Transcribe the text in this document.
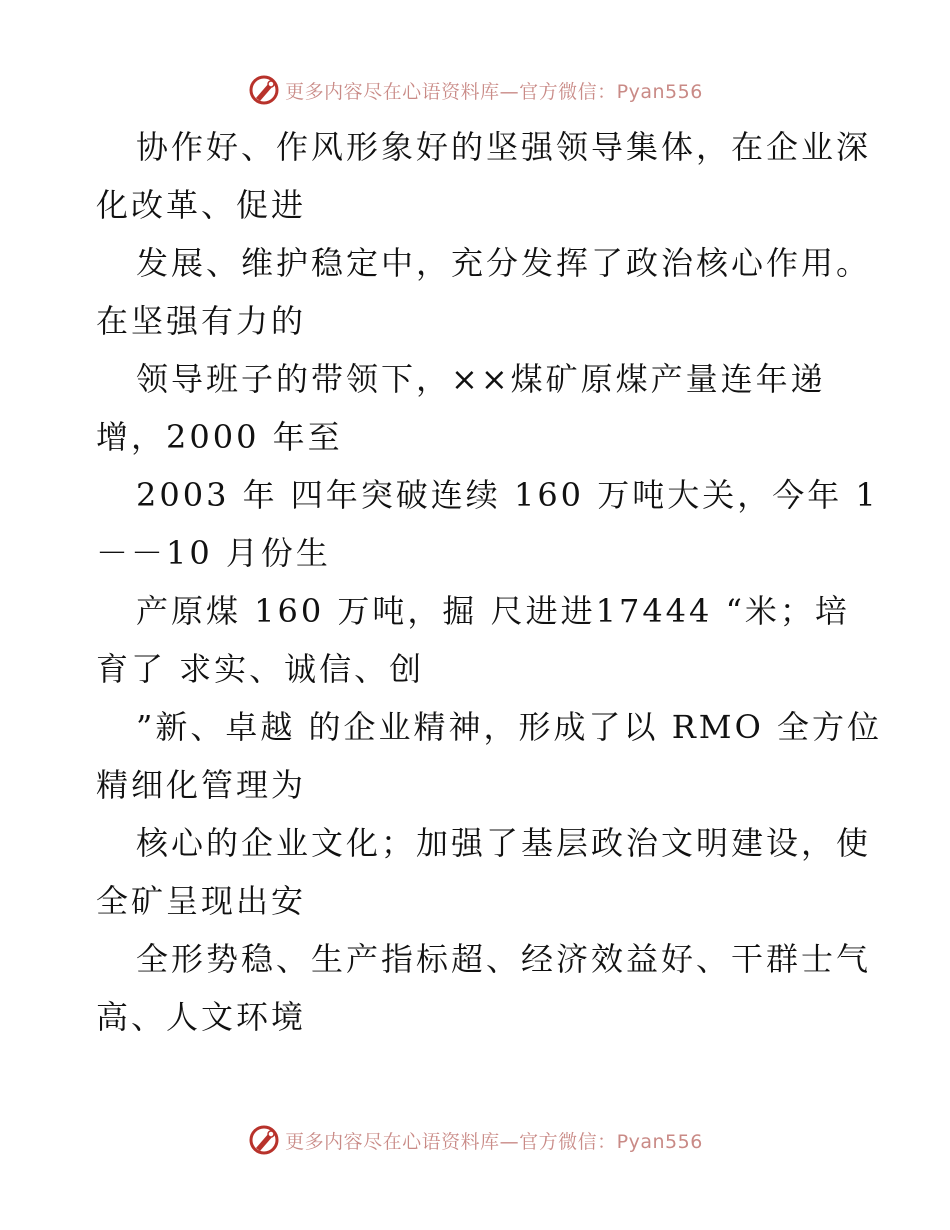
更多内容尽在心语资料库—官方微信：Pyan556
协作好、作风形象好的坚强领导集体，在企业深
化改革、促进
发展、维护稳定中，充分发挥了政治核心作用。
在坚强有力的
领导班子的带领下，××煤矿原煤产量连年递
增，2000 年至
2003 年 四年突破连续 160 万吨大关，今年 1
－－10 月份生
产原煤 160 万吨，掘 尺进进17444 “米；培
育了 求实、诚信、创
”新、卓越 的企业精神，形成了以 RMO 全方位
精细化管理为
核心的企业文化；加强了基层政治文明建设，使
全矿呈现出安
全形势稳、生产指标超、经济效益好、干群士气
高、人文环境
更多内容尽在心语资料库—官方微信：Pyan556
